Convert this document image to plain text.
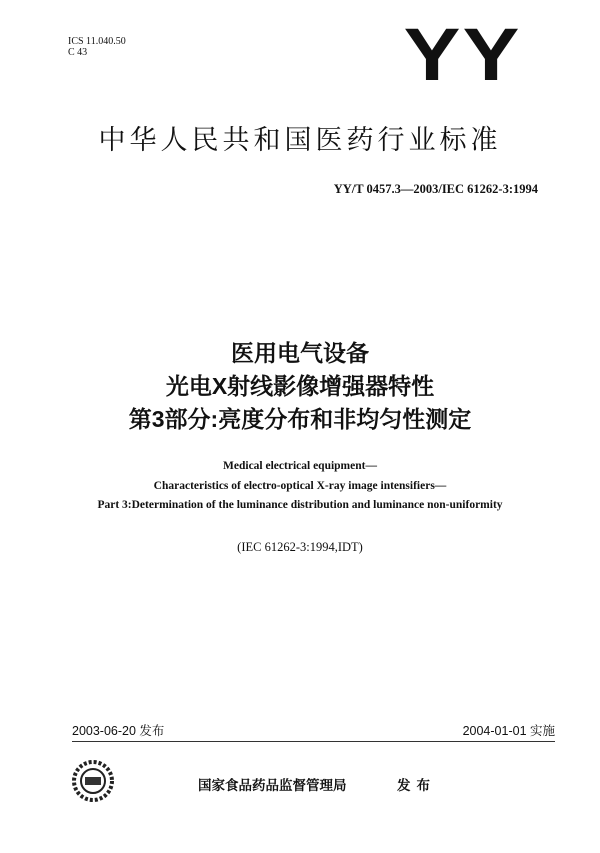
ICS 11.040.50
C 43	YY
中华人民共和国医药行业标准
YY/T 0457.3—2003/IEC 61262-3:1994
医用电气设备
光电X射线影像增强器特性
第3部分:亮度分布和非均匀性测定
Medical electrical equipment—
Characteristics of electro-optical X-ray image intensifiers—
Part 3:Determination of the luminance distribution and luminance non-uniformity
(IEC 61262-3:1994,IDT)
2003-06-20 发布	2004-01-01 实施
国家食品药品监督管理局	发布
